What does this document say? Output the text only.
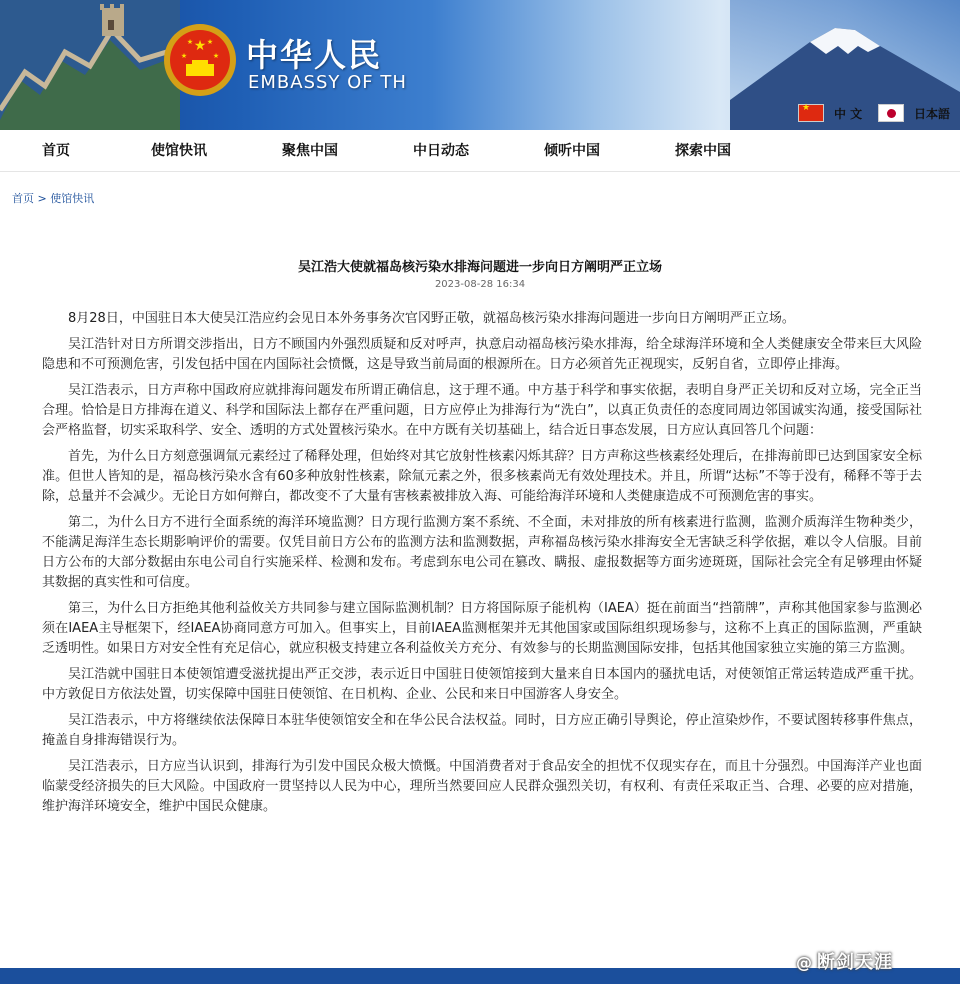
★
★	★
★ ★ 中华人民
EMBASSY OF TH
★
中 文	日本語
首页	使馆快讯	聚焦中国	中日动态	倾听中国	探索中国
首页 > 使馆快讯
吴江浩大使就福岛核污染水排海问题进一步向日方阐明严正立场
2023-08-28 16:34

8月28日，中国驻日本大使吴江浩应约会见日本外务事务次官冈野正敬，就福岛核污染水排海问题进一步向日方阐明严正立场。

吴江浩针对日方所谓交涉指出，日方不顾国内外强烈质疑和反对呼声，执意启动福岛核污染水排海，给全球海洋环境和全人类健康安全带来巨大风险隐患和不可预测危害，引发包括中国在内国际社会愤慨，这是导致当前局面的根源所在。日方必须首先正视现实，反躬自省，立即停止排海。

吴江浩表示，日方声称中国政府应就排海问题发布所谓正确信息，这于理不通。中方基于科学和事实依据，表明自身严正关切和反对立场，完全正当合理。恰恰是日方排海在道义、科学和国际法上都存在严重问题，日方应停止为排海行为“洗白”，以真正负责任的态度同周边邻国诚实沟通，接受国际社会严格监督，切实采取科学、安全、透明的方式处置核污染水。在中方既有关切基础上，结合近日事态发展，日方应认真回答几个问题：

首先，为什么日方刻意强调氚元素经过了稀释处理，但始终对其它放射性核素闪烁其辞？日方声称这些核素经处理后，在排海前即已达到国家安全标准。但世人皆知的是，福岛核污染水含有60多种放射性核素，除氚元素之外，很多核素尚无有效处理技术。并且，所谓“达标”不等于没有，稀释不等于去除，总量并不会减少。无论日方如何辩白，都改变不了大量有害核素被排放入海、可能给海洋环境和人类健康造成不可预测危害的事实。

第二，为什么日方不进行全面系统的海洋环境监测？日方现行监测方案不系统、不全面，未对排放的所有核素进行监测，监测介质海洋生物种类少，不能满足海洋生态长期影响评价的需要。仅凭目前日方公布的监测方法和监测数据，声称福岛核污染水排海安全无害缺乏科学依据，难以令人信服。目前日方公布的大部分数据由东电公司自行实施采样、检测和发布。考虑到东电公司在篡改、瞒报、虚报数据等方面劣迹斑斑，国际社会完全有足够理由怀疑其数据的真实性和可信度。

第三，为什么日方拒绝其他利益攸关方共同参与建立国际监测机制？日方将国际原子能机构（IAEA）挺在前面当“挡箭牌”，声称其他国家参与监测必须在IAEA主导框架下，经IAEA协商同意方可加入。但事实上，目前IAEA监测框架并无其他国家或国际组织现场参与，这称不上真正的国际监测，严重缺乏透明性。如果日方对安全性有充足信心，就应积极支持建立各利益攸关方充分、有效参与的长期监测国际安排，包括其他国家独立实施的第三方监测。

吴江浩就中国驻日本使领馆遭受滋扰提出严正交涉，表示近日中国驻日使领馆接到大量来自日本国内的骚扰电话，对使领馆正常运转造成严重干扰。中方敦促日方依法处置，切实保障中国驻日使领馆、在日机构、企业、公民和来日中国游客人身安全。

吴江浩表示，中方将继续依法保障日本驻华使领馆安全和在华公民合法权益。同时，日方应正确引导舆论，停止渲染炒作，不要试图转移事件焦点，掩盖自身排海错误行为。

吴江浩表示，日方应当认识到，排海行为引发中国民众极大愤慨。中国消费者对于食品安全的担忧不仅现实存在，而且十分强烈。中国海洋产业也面临蒙受经济损失的巨大风险。中国政府一贯坚持以人民为中心，理所当然要回应人民群众强烈关切，有权利、有责任采取正当、合理、必要的应对措施，维护海洋环境安全，维护中国民众健康。

@ 断剑天涯
